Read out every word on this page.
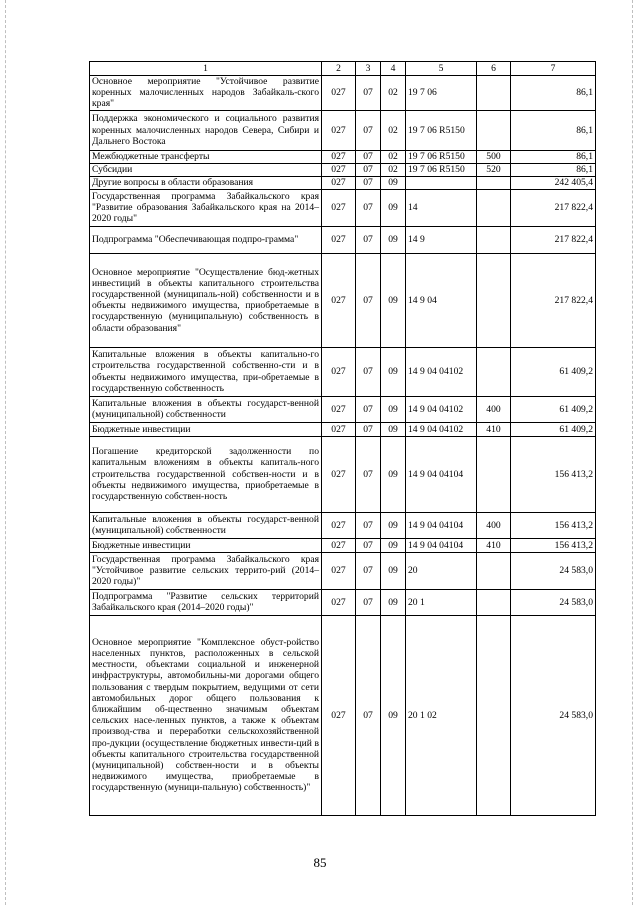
1	2	3	4	5	6	7
Основное мероприятие "Устойчивое развитие коренных малочисленных народов Забайкаль-ского края"	027	07	02	19 7 06		86,1
Поддержка экономического и социального развития коренных малочисленных народов Севера, Сибири и Дальнего Востока	027	07	02	19 7 06 R5150		86,1
Межбюджетные трансферты	027	07	02	19 7 06 R5150	500	86,1
Субсидии	027	07	02	19 7 06 R5150	520	86,1
Другие вопросы в области образования	027	07	09			242 405,4
Государственная программа Забайкальского края "Развитие образования Забайкальского края на 2014–2020 годы"	027	07	09	14		217 822,4
Подпрограмма "Обеспечивающая подпро-грамма"	027	07	09	14 9		217 822,4
Основное мероприятие "Осуществление бюд-жетных инвестиций в объекты капитального строительства государственной (муниципаль-ной) собственности и в объекты недвижимого имущества, приобретаемые в государственную (муниципальную) собственность в области образования"	027	07	09	14 9 04		217 822,4
Капитальные вложения в объекты капитально-го строительства государственной собственно-сти и в объекты недвижимого имущества, при-обретаемые в государственную собственность	027	07	09	14 9 04 04102		61 409,2
Капитальные вложения в объекты государст-венной (муниципальной) собственности	027	07	09	14 9 04 04102	400	61 409,2
Бюджетные инвестиции	027	07	09	14 9 04 04102	410	61 409,2
Погашение кредиторской задолженности по капитальным вложениям в объекты капиталь-ного строительства государственной собствен-ности и в объекты недвижимого имущества, приобретаемые в государственную собствен-ность	027	07	09	14 9 04 04104		156 413,2
Капитальные вложения в объекты государст-венной (муниципальной) собственности	027	07	09	14 9 04 04104	400	156 413,2
Бюджетные инвестиции	027	07	09	14 9 04 04104	410	156 413,2
Государственная программа Забайкальского края "Устойчивое развитие сельских террито-рий (2014–2020 годы)"	027	07	09	20		24 583,0
Подпрограмма "Развитие сельских территорий Забайкальского края (2014–2020 годы)"	027	07	09	20 1		24 583,0
Основное мероприятие "Комплексное обуст-ройство населенных пунктов, расположенных в сельской местности, объектами социальной и инженерной инфраструктуры, автомобильны-ми дорогами общего пользования с твердым покрытием, ведущими от сети автомобильных дорог общего пользования к ближайшим об-щественно значимым объектам сельских насе-ленных пунктов, а также к объектам производ-ства и переработки сельскохозяйственной про-дукции (осуществление бюджетных инвести-ций в объекты капитального строительства государственной (муниципальной) собствен-ности и в объекты недвижимого имущества, приобретаемые в государственную (муници-пальную) собственность)"	027	07	09	20 1 02		24 583,0
85
